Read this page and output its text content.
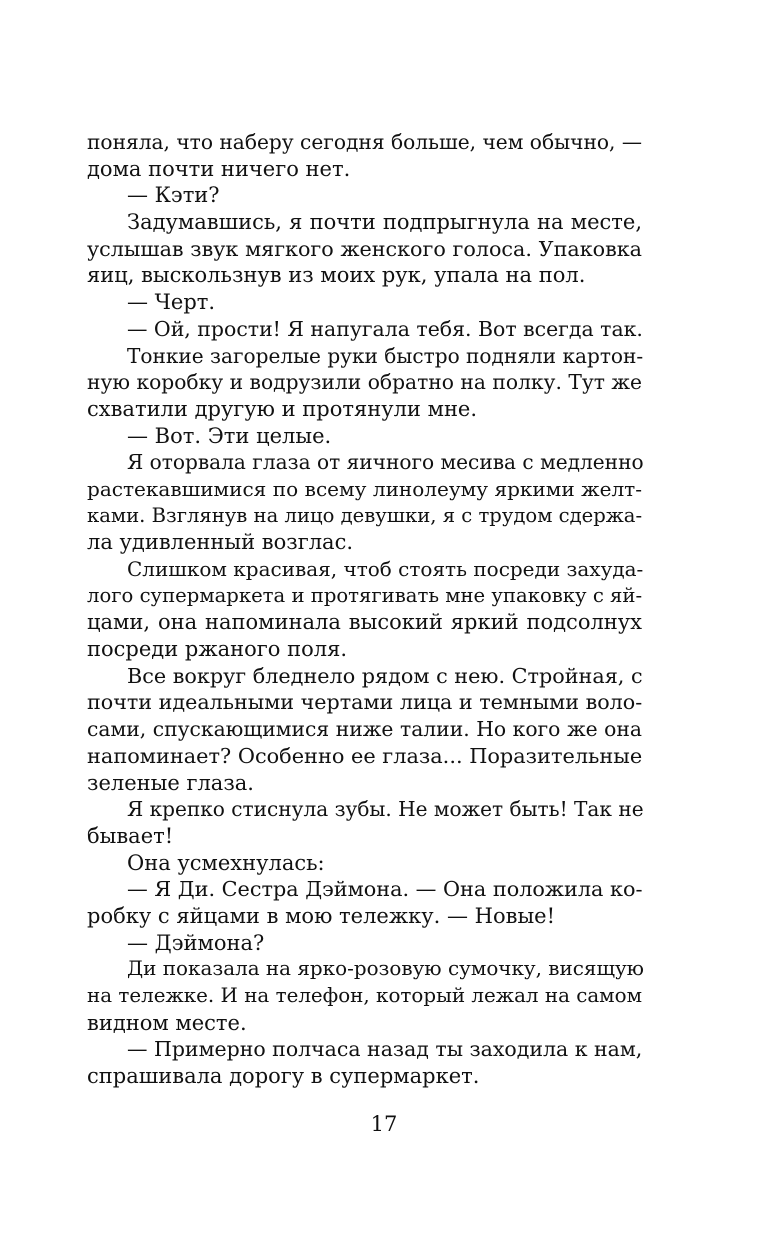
поняла, что наберу сегодня больше, чем обычно, —
дома почти ничего нет.
— Кэти?
Задумавшись, я почти подпрыгнула на месте,
услышав звук мягкого женского голоса. Упаковка
яиц, выскользнув из моих рук, упала на пол.
— Черт.
— Ой, прости! Я напугала тебя. Вот всегда так.
Тонкие загорелые руки быстро подняли картон-
ную коробку и водрузили обратно на полку. Тут же
схватили другую и протянули мне.
— Вот. Эти целые.
Я оторвала глаза от яичного месива с медленно
растекавшимися по всему линолеуму яркими желт-
ками. Взглянув на лицо девушки, я с трудом сдержа-
ла удивленный возглас.
Слишком красивая, чтоб стоять посреди захуда-
лого супермаркета и протягивать мне упаковку с яй-
цами, она напоминала высокий яркий подсолнух
посреди ржаного поля.
Все вокруг бледнело рядом с нею. Стройная, с
почти идеальными чертами лица и темными воло-
сами, спускающимися ниже талии. Но кого же она
напоминает? Особенно ее глаза... Поразительные
зеленые глаза.
Я крепко стиснула зубы. Не может быть! Так не
бывает!
Она усмехнулась:
— Я Ди. Сестра Дэймона. — Она положила ко-
робку с яйцами в мою тележку. — Новые!
— Дэймона?
Ди показала на ярко-розовую сумочку, висящую
на тележке. И на телефон, который лежал на самом
видном месте.
— Примерно полчаса назад ты заходила к нам,
спрашивала дорогу в супермаркет.
17
